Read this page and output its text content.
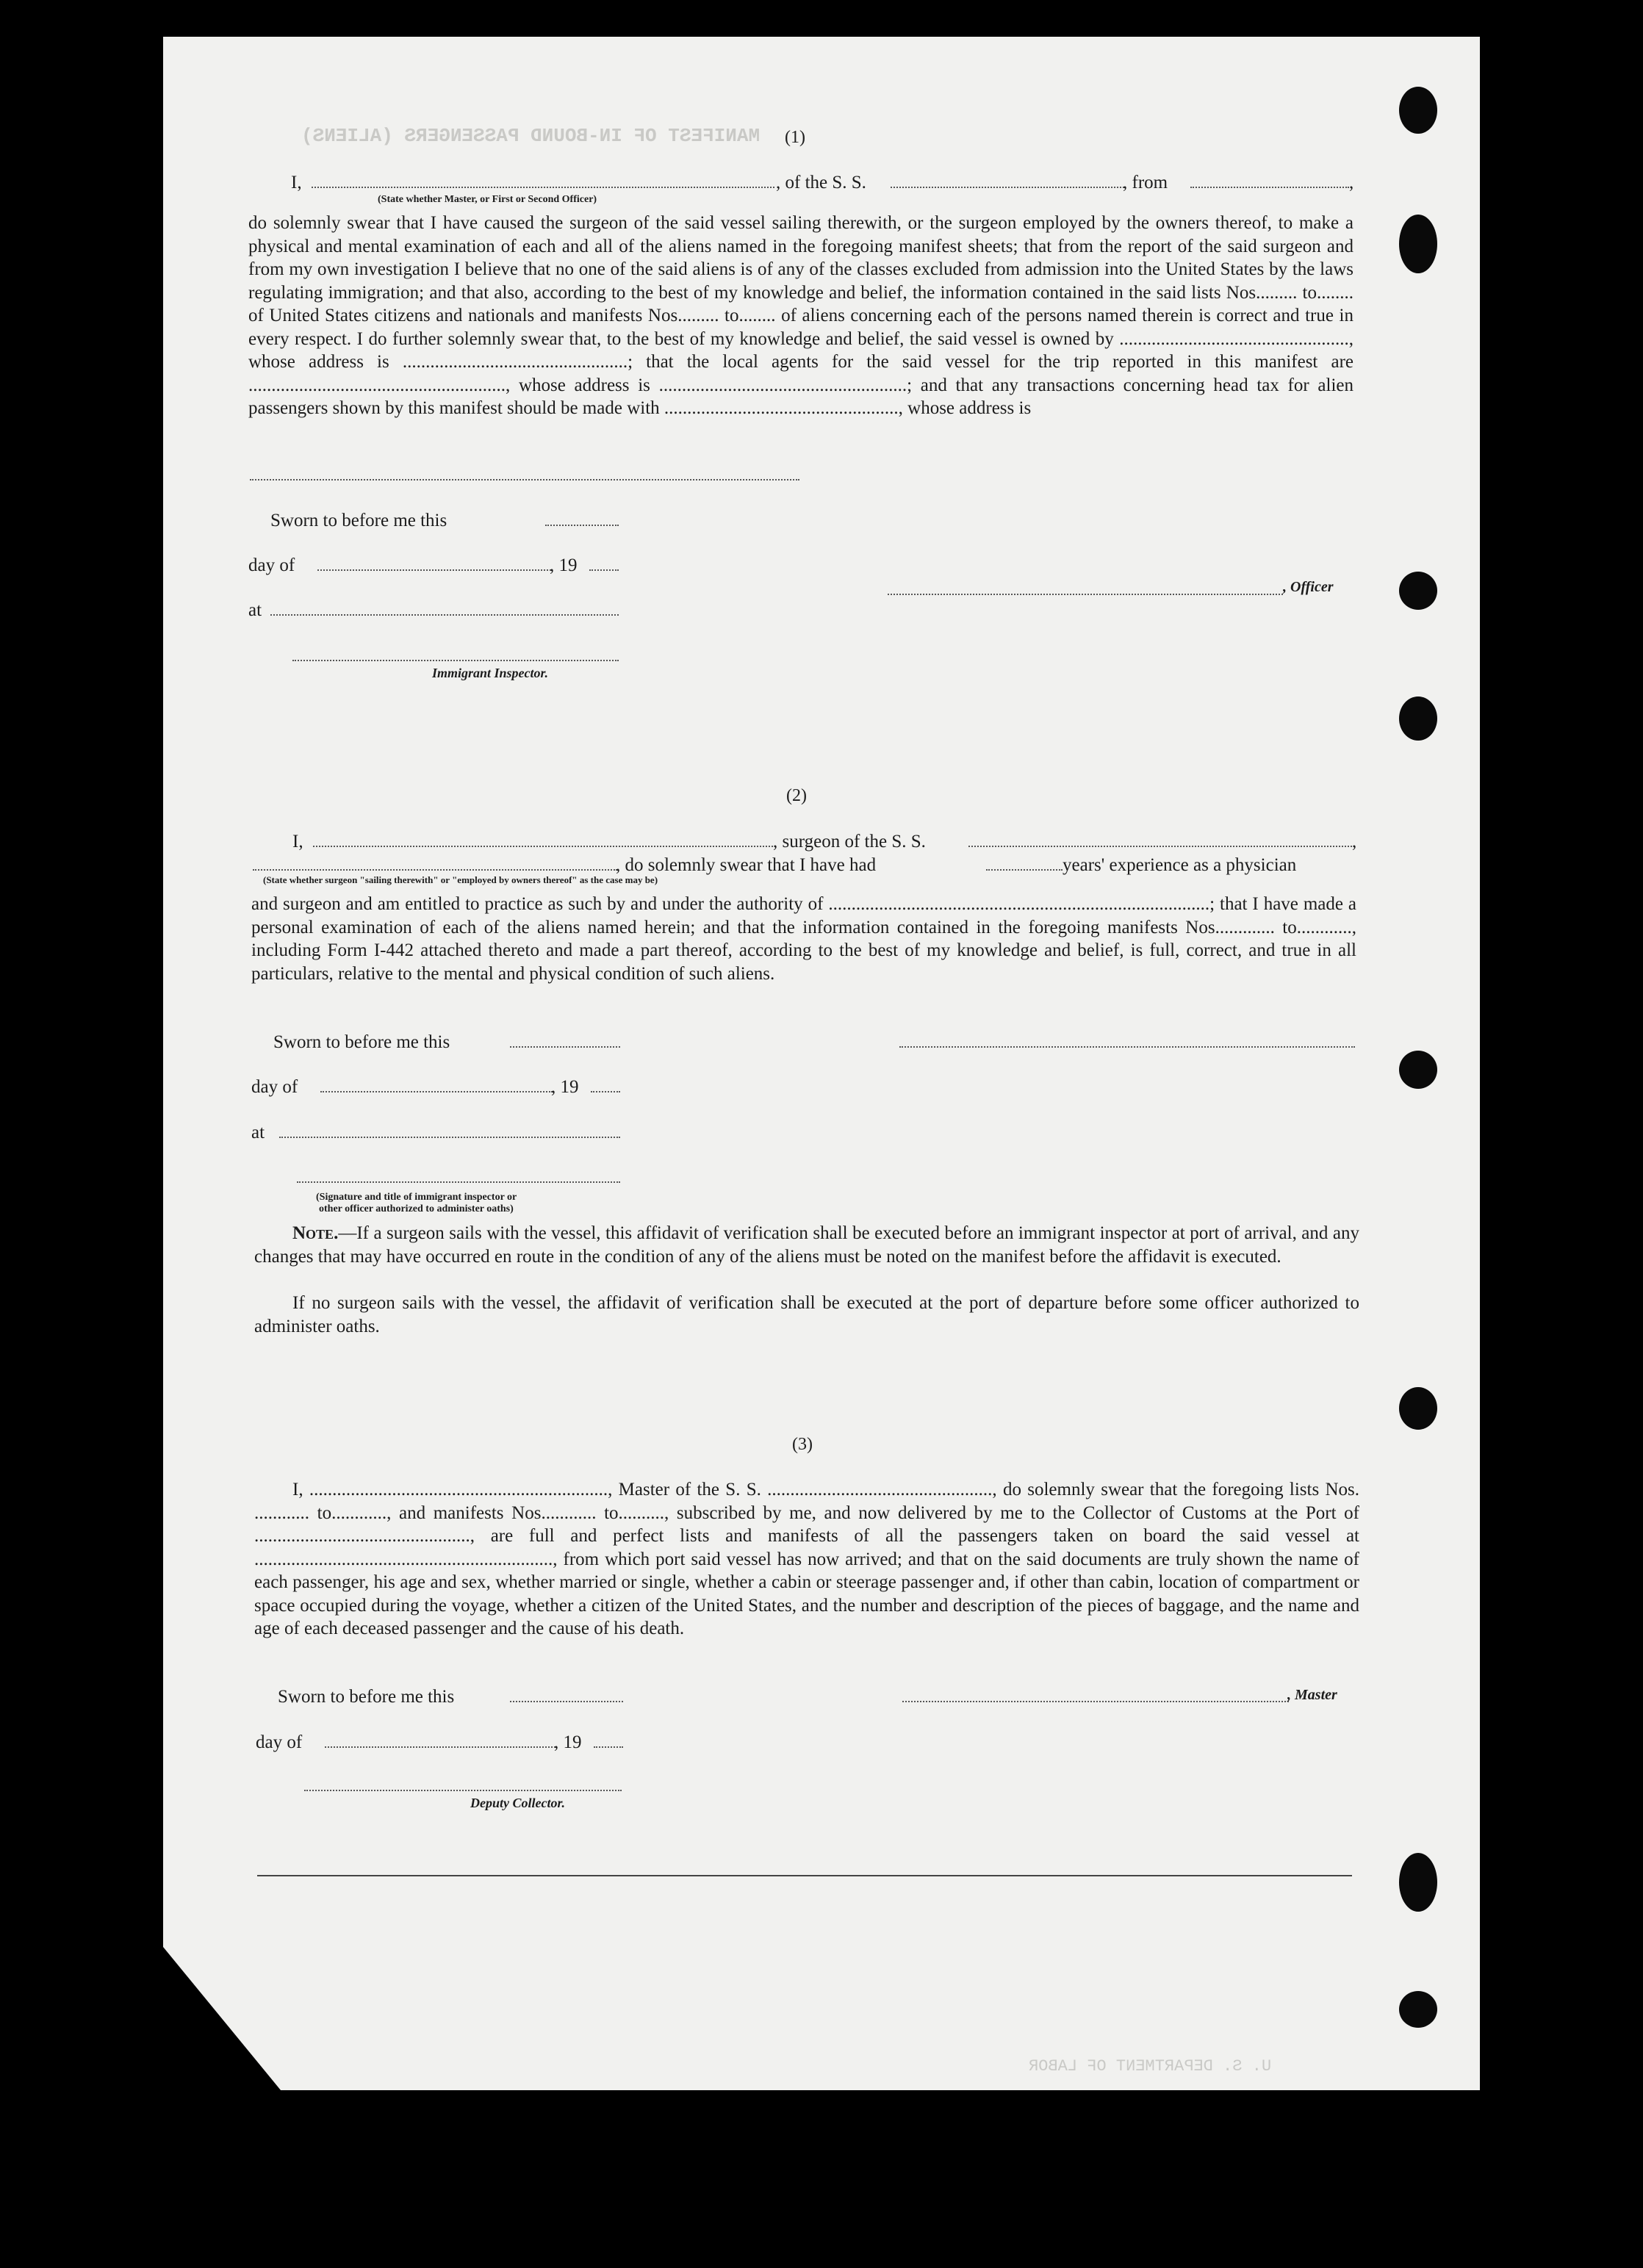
MANIFEST OF IN-BOUND PASSENGERS (ALIENS)
U. S. DEPARTMENT OF LABOR
(1)
I,	, of the S. S.	, from	,
(State whether Master, or First or Second Officer)
do solemnly swear that I have caused the surgeon of the said vessel sailing therewith, or the surgeon employed by the owners thereof, to make a physical and mental examination of each and all of the aliens named in the foregoing manifest sheets; that from the report of the said surgeon and from my own investigation I believe that no one of the said aliens is of any of the classes excluded from admission into the United States by the laws regulating immigration; and that also, according to the best of my knowledge and belief, the information contained in the said lists Nos......... to........ of United States citizens and nationals and manifests Nos......... to........ of aliens concerning each of the persons named therein is correct and true in every respect. I do further solemnly swear that, to the best of my knowledge and belief, the said vessel is owned by .................................................., whose address is .................................................; that the local agents for the said vessel for the trip reported in this manifest are ........................................................, whose address is ......................................................; and that any transactions concerning head tax for alien passengers shown by this manifest should be made with ..................................................., whose address is
Sworn to before me this
day of	, 19
at
, Officer
Immigrant Inspector.
(2)
I,	, surgeon of the S. S.	,
, do solemnly swear that I have had	years' experience as a physician
(State whether surgeon "sailing therewith" or "employed by owners thereof" as the case may be)
and surgeon and am entitled to practice as such by and under the authority of ...................................................................................; that I have made a personal examination of each of the aliens named herein; and that the information contained in the foregoing manifests Nos............. to............, including Form I-442 attached thereto and made a part thereof, according to the best of my knowledge and belief, is full, correct, and true in all particulars, relative to the mental and physical condition of such aliens.
Sworn to before me this
day of	, 19
at
(Signature and title of immigrant inspector or
other officer authorized to administer oaths)
Note.—If a surgeon sails with the vessel, this affidavit of verification shall be executed before an immigrant inspector at port of arrival, and any changes that may have occurred en route in the condition of any of the aliens must be noted on the manifest before the affidavit is executed.
If no surgeon sails with the vessel, the affidavit of verification shall be executed at the port of departure before some officer authorized to administer oaths.
(3)
I, ................................................................., Master of the S. S. ................................................., do solemnly swear that the foregoing lists Nos. ............ to............, and manifests Nos............ to.........., subscribed by me, and now delivered by me to the Collector of Customs at the Port of ..............................................., are full and perfect lists and manifests of all the passengers taken on board the said vessel at ................................................................., from which port said vessel has now arrived; and that on the said documents are truly shown the name of each passenger, his age and sex, whether married or single, whether a cabin or steerage passenger and, if other than cabin, location of compartment or space occupied during the voyage, whether a citizen of the United States, and the number and description of the pieces of baggage, and the name and age of each deceased passenger and the cause of his death.
Sworn to before me this	, Master
day of	, 19
Deputy Collector.
